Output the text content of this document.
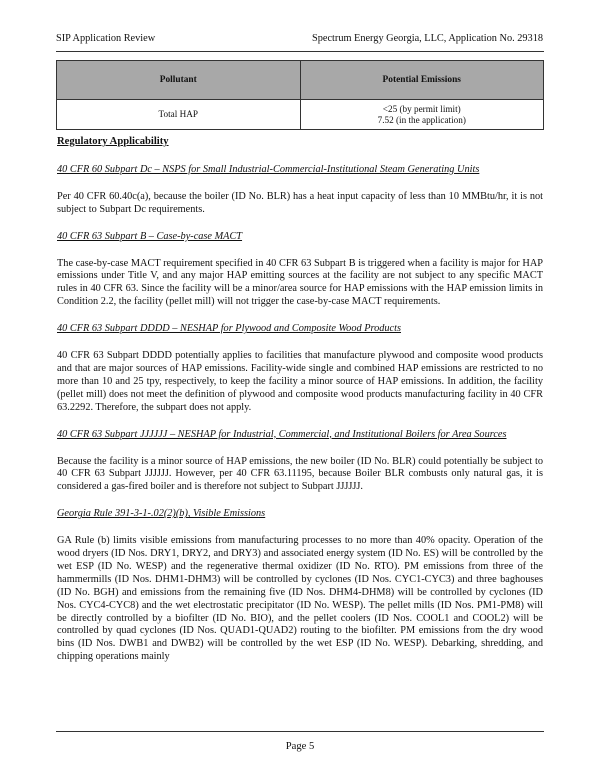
SIP Application Review	Spectrum Energy Georgia, LLC, Application No. 29318
Pollutant	Potential Emissions
Total HAP	<25 (by permit limit)
7.52 (in the application)

Regulatory Applicability

40 CFR 60 Subpart Dc – NSPS for Small Industrial-Commercial-Institutional Steam Generating Units

Per 40 CFR 60.40c(a), because the boiler (ID No. BLR) has a heat input capacity of less than 10 MMBtu/hr, it is not subject to Subpart Dc requirements.

40 CFR 63 Subpart B – Case-by-case MACT

The case-by-case MACT requirement specified in 40 CFR 63 Subpart B is triggered when a facility is major for HAP emissions under Title V, and any major HAP emitting sources at the facility are not subject to any specific MACT rules in 40 CFR 63. Since the facility will be a minor/area source for HAP emissions with the HAP emission limits in Condition 2.2, the facility (pellet mill) will not trigger the case-by-case MACT requirements.

40 CFR 63 Subpart DDDD – NESHAP for Plywood and Composite Wood Products

40 CFR 63 Subpart DDDD potentially applies to facilities that manufacture plywood and composite wood products and that are major sources of HAP emissions. Facility-wide single and combined HAP emissions are restricted to no more than 10 and 25 tpy, respectively, to keep the facility a minor source of HAP emissions. In addition, the facility (pellet mill) does not meet the definition of plywood and composite wood products manufacturing facility in 40 CFR 63.2292. Therefore, the subpart does not apply.

40 CFR 63 Subpart JJJJJJ – NESHAP for Industrial, Commercial, and Institutional Boilers for Area Sources

Because the facility is a minor source of HAP emissions, the new boiler (ID No. BLR) could potentially be subject to 40 CFR 63 Subpart JJJJJJ. However, per 40 CFR 63.11195, because Boiler BLR combusts only natural gas, it is considered a gas-fired boiler and is therefore not subject to Subpart JJJJJJ.

Georgia Rule 391-3-1-.02(2)(b), Visible Emissions

GA Rule (b) limits visible emissions from manufacturing processes to no more than 40% opacity. Operation of the wood dryers (ID Nos. DRY1, DRY2, and DRY3) and associated energy system (ID No. ES) will be controlled by the wet ESP (ID No. WESP) and the regenerative thermal oxidizer (ID No. RTO). PM emissions from three of the hammermills (ID Nos. DHM1-DHM3) will be controlled by cyclones (ID Nos. CYC1-CYC3) and three baghouses (ID No. BGH) and emissions from the remaining five (ID Nos. DHM4-DHM8) will be controlled by cyclones (ID Nos. CYC4-CYC8) and the wet electrostatic precipitator (ID No. WESP). The pellet mills (ID Nos. PM1-PM8) will be directly controlled by a biofilter (ID No. BIO), and the pellet coolers (ID Nos. COOL1 and COOL2) will be controlled by quad cyclones (ID Nos. QUAD1-QUAD2) routing to the biofilter. PM emissions from the dry wood bins (ID Nos. DWB1 and DWB2) will be controlled by the wet ESP (ID No. WESP). Debarking, shredding, and chipping operations mainly

Page 5
